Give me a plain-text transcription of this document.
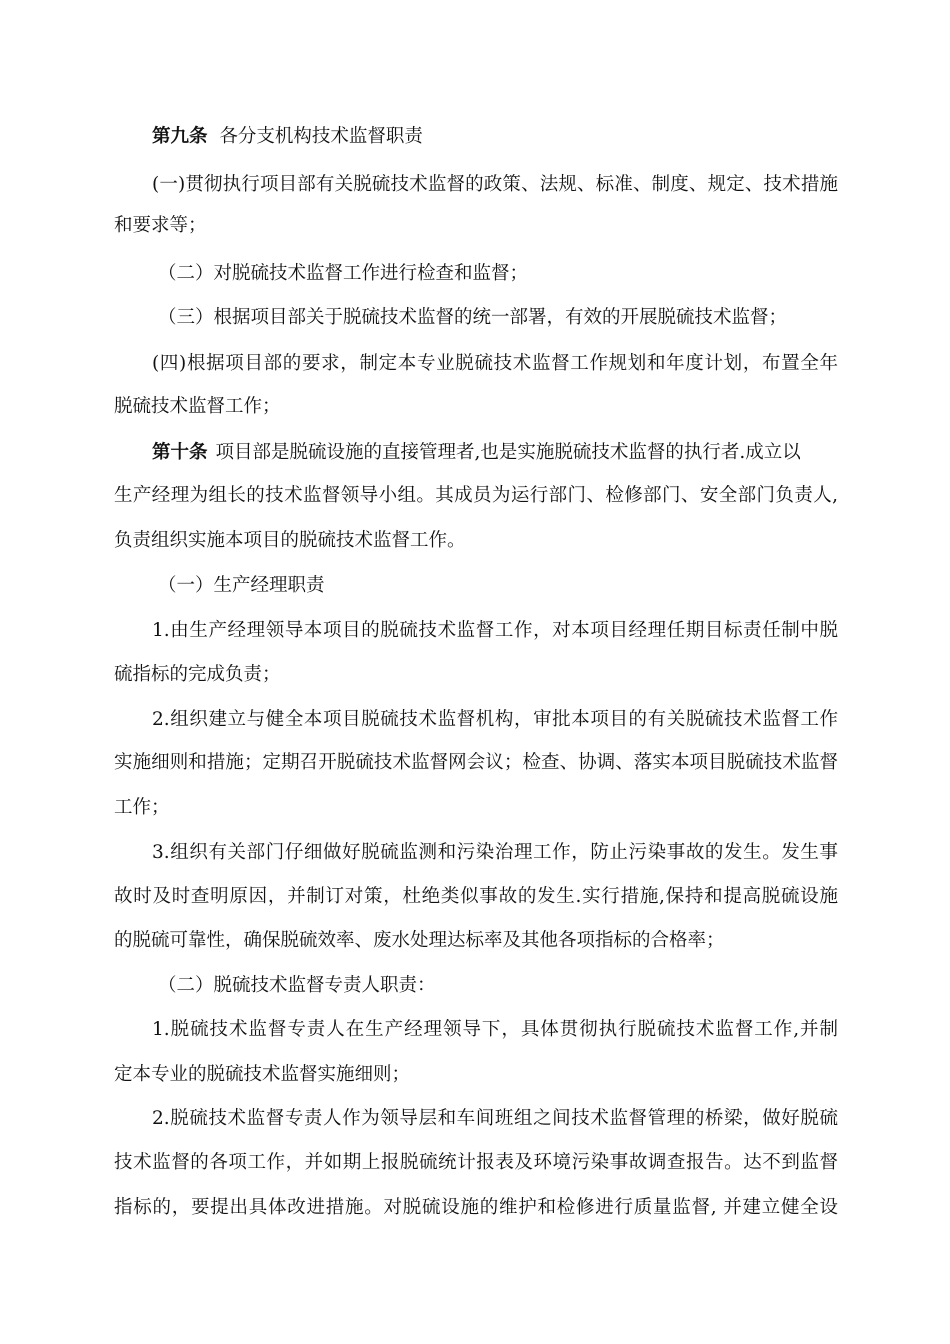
第九条 各分支机构技术监督职责
(一)贯彻执行项目部有关脱硫技术监督的政策、法规、标准、制度、规定、技术措施
和要求等；
（二）对脱硫技术监督工作进行检查和监督；
（三）根据项目部关于脱硫技术监督的统一部署，有效的开展脱硫技术监督；
(四)根据项目部的要求，制定本专业脱硫技术监督工作规划和年度计划，布置全年
脱硫技术监督工作；
第十条 项目部是脱硫设施的直接管理者,也是实施脱硫技术监督的执行者.成立以
生产经理为组长的技术监督领导小组。其成员为运行部门、检修部门、安全部门负责人,
负责组织实施本项目的脱硫技术监督工作。
（一）生产经理职责
1.由生产经理领导本项目的脱硫技术监督工作，对本项目经理任期目标责任制中脱
硫指标的完成负责；
2.组织建立与健全本项目脱硫技术监督机构，审批本项目的有关脱硫技术监督工作
实施细则和措施；定期召开脱硫技术监督网会议；检查、协调、落实本项目脱硫技术监督
工作；
3.组织有关部门仔细做好脱硫监测和污染治理工作，防止污染事故的发生。发生事
故时及时查明原因，并制订对策，杜绝类似事故的发生.实行措施,保持和提高脱硫设施
的脱硫可靠性，确保脱硫效率、废水处理达标率及其他各项指标的合格率；
（二）脱硫技术监督专责人职责：
1.脱硫技术监督专责人在生产经理领导下，具体贯彻执行脱硫技术监督工作,并制
定本专业的脱硫技术监督实施细则；
2.脱硫技术监督专责人作为领导层和车间班组之间技术监督管理的桥梁，做好脱硫
技术监督的各项工作，并如期上报脱硫统计报表及环境污染事故调查报告。达不到监督
指标的，要提出具体改进措施。对脱硫设施的维护和检修进行质量监督, 并建立健全设
